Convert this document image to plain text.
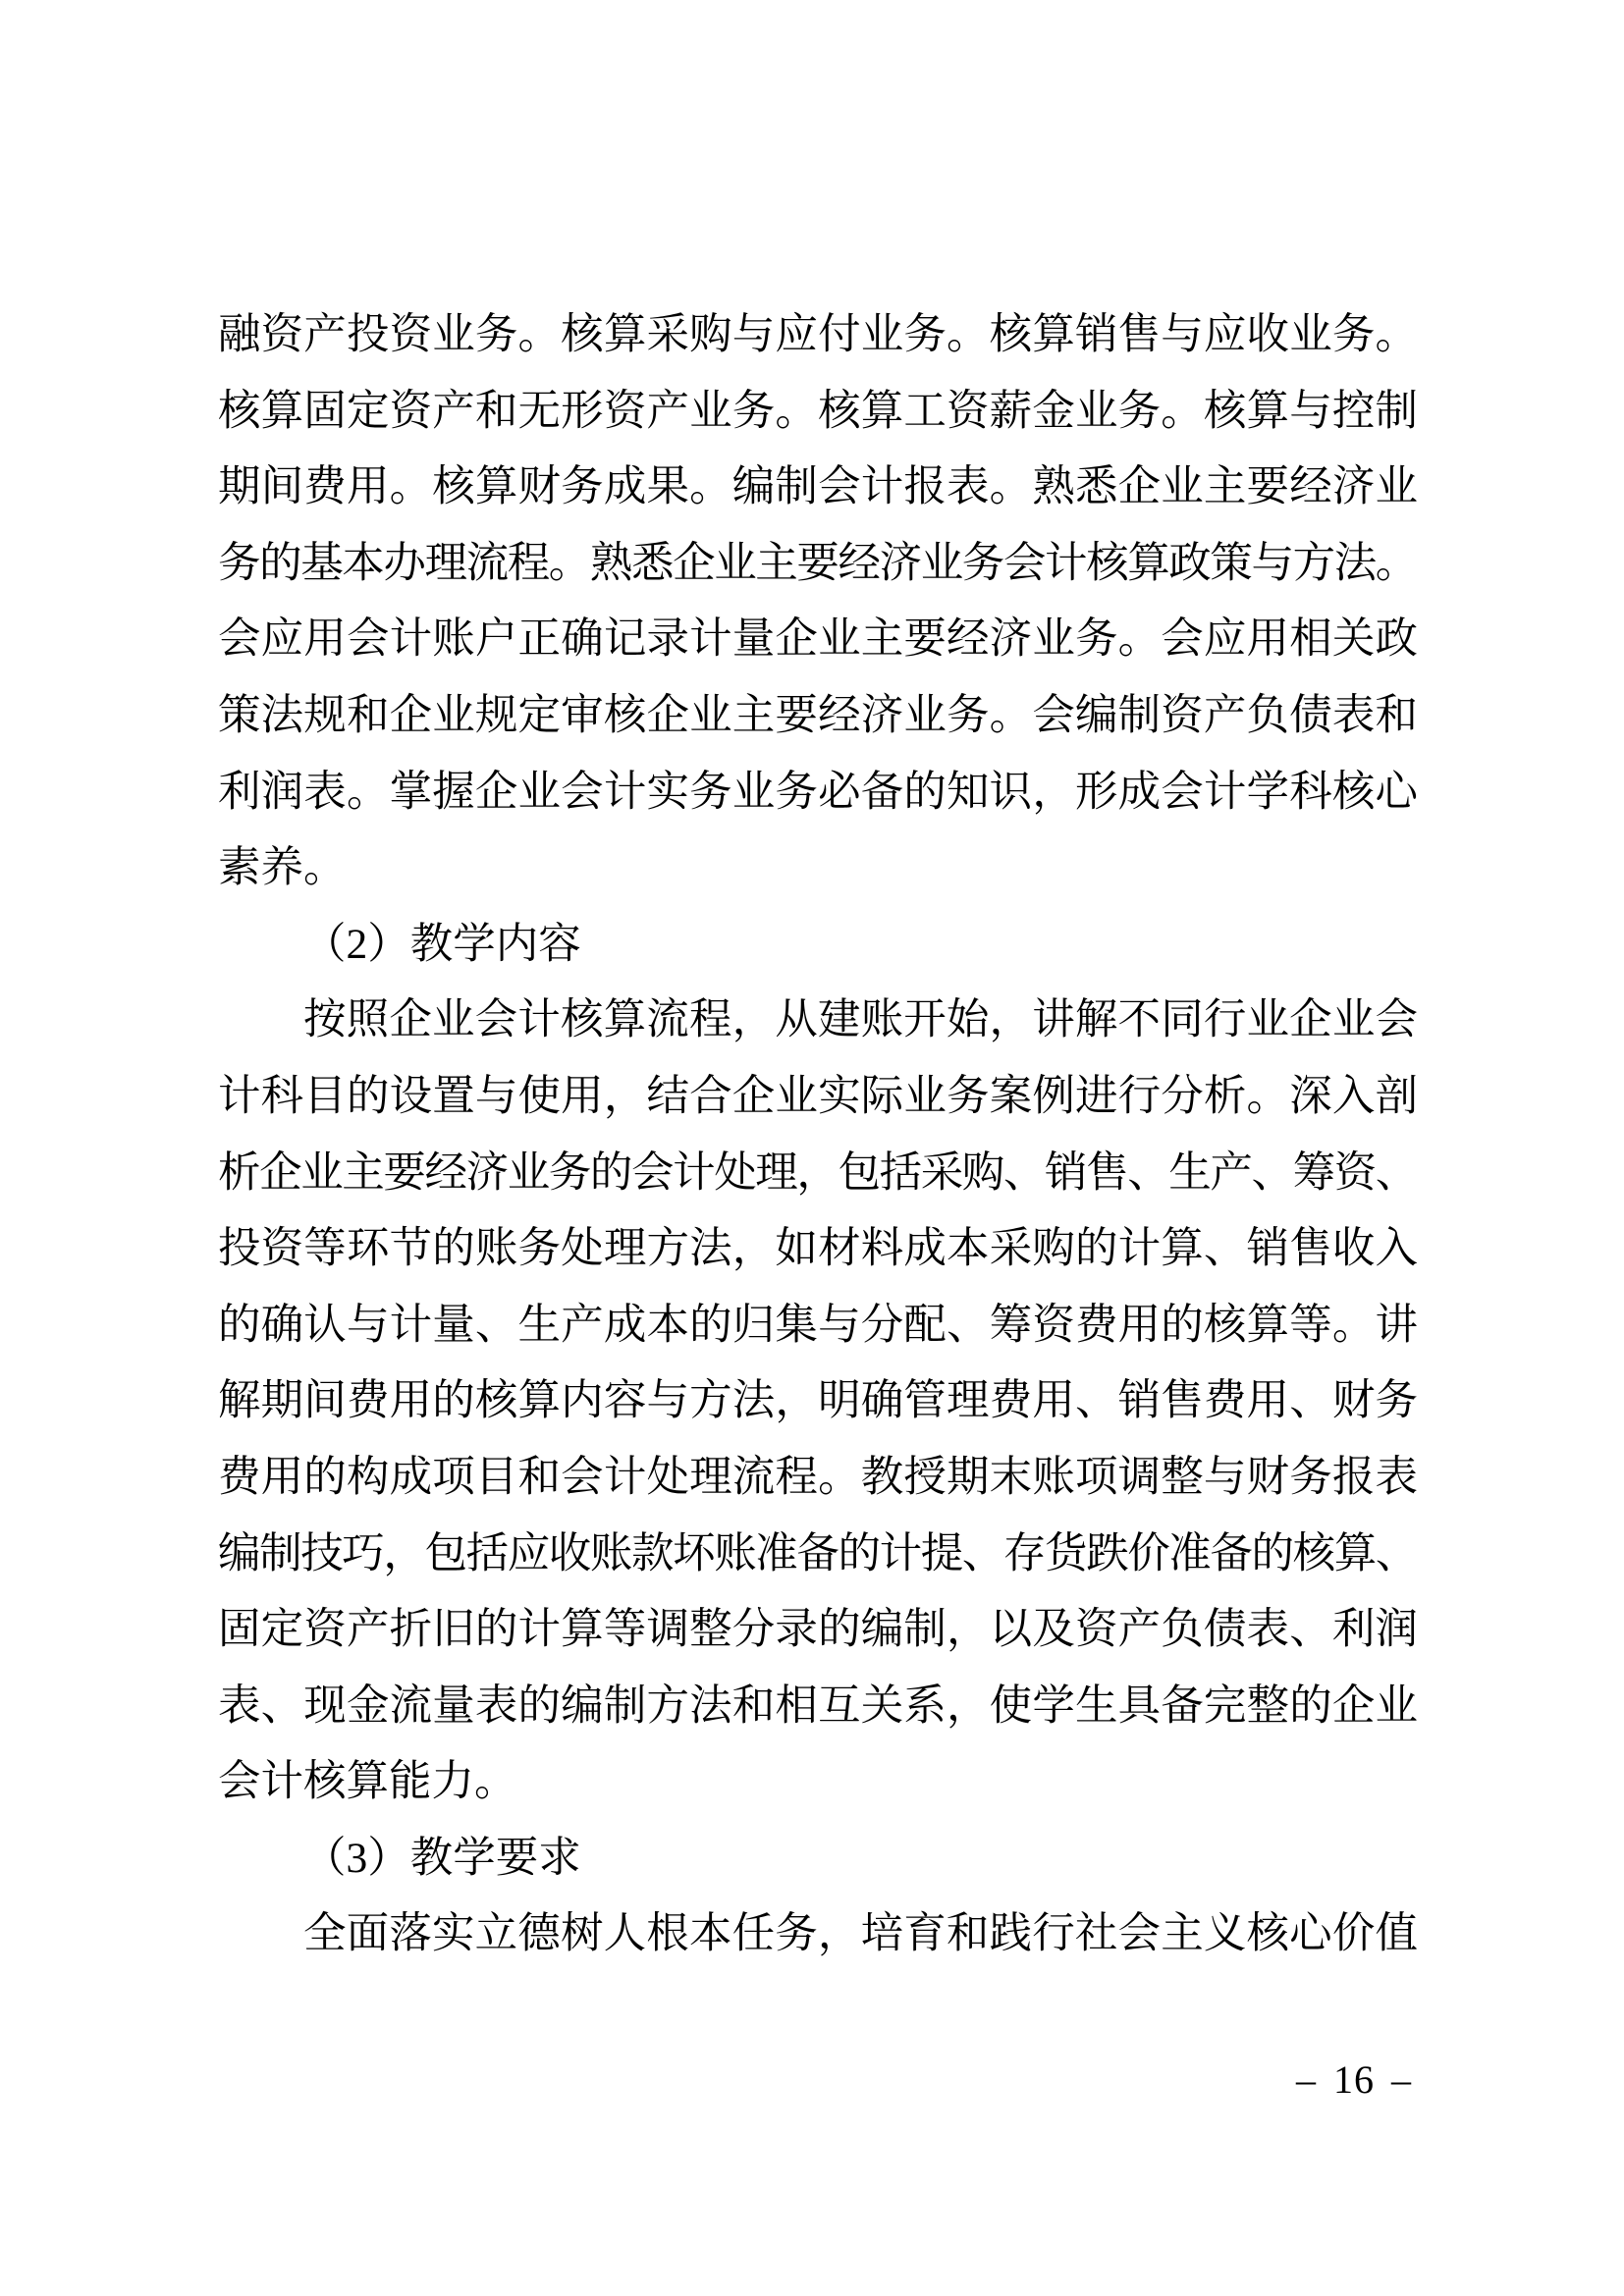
融资产投资业务。核算采购与应付业务。核算销售与应收业务。
核算固定资产和无形资产业务。核算工资薪金业务。核算与控制
期间费用。核算财务成果。编制会计报表。熟悉企业主要经济业
务的基本办理流程。熟悉企业主要经济业务会计核算政策与方法。
会应用会计账户正确记录计量企业主要经济业务。会应用相关政
策法规和企业规定审核企业主要经济业务。会编制资产负债表和
利润表。掌握企业会计实务业务必备的知识，形成会计学科核心
素养。
（2）教学内容
按照企业会计核算流程，从建账开始，讲解不同行业企业会
计科目的设置与使用，结合企业实际业务案例进行分析。深入剖
析企业主要经济业务的会计处理，包括采购、销售、生产、筹资、
投资等环节的账务处理方法，如材料成本采购的计算、销售收入
的确认与计量、生产成本的归集与分配、筹资费用的核算等。讲
解期间费用的核算内容与方法，明确管理费用、销售费用、财务
费用的构成项目和会计处理流程。教授期末账项调整与财务报表
编制技巧，包括应收账款坏账准备的计提、存货跌价准备的核算、
固定资产折旧的计算等调整分录的编制，以及资产负债表、利润
表、现金流量表的编制方法和相互关系，使学生具备完整的企业
会计核算能力。
（3）教学要求
全面落实立德树人根本任务，培育和践行社会主义核心价值
– 16 –
